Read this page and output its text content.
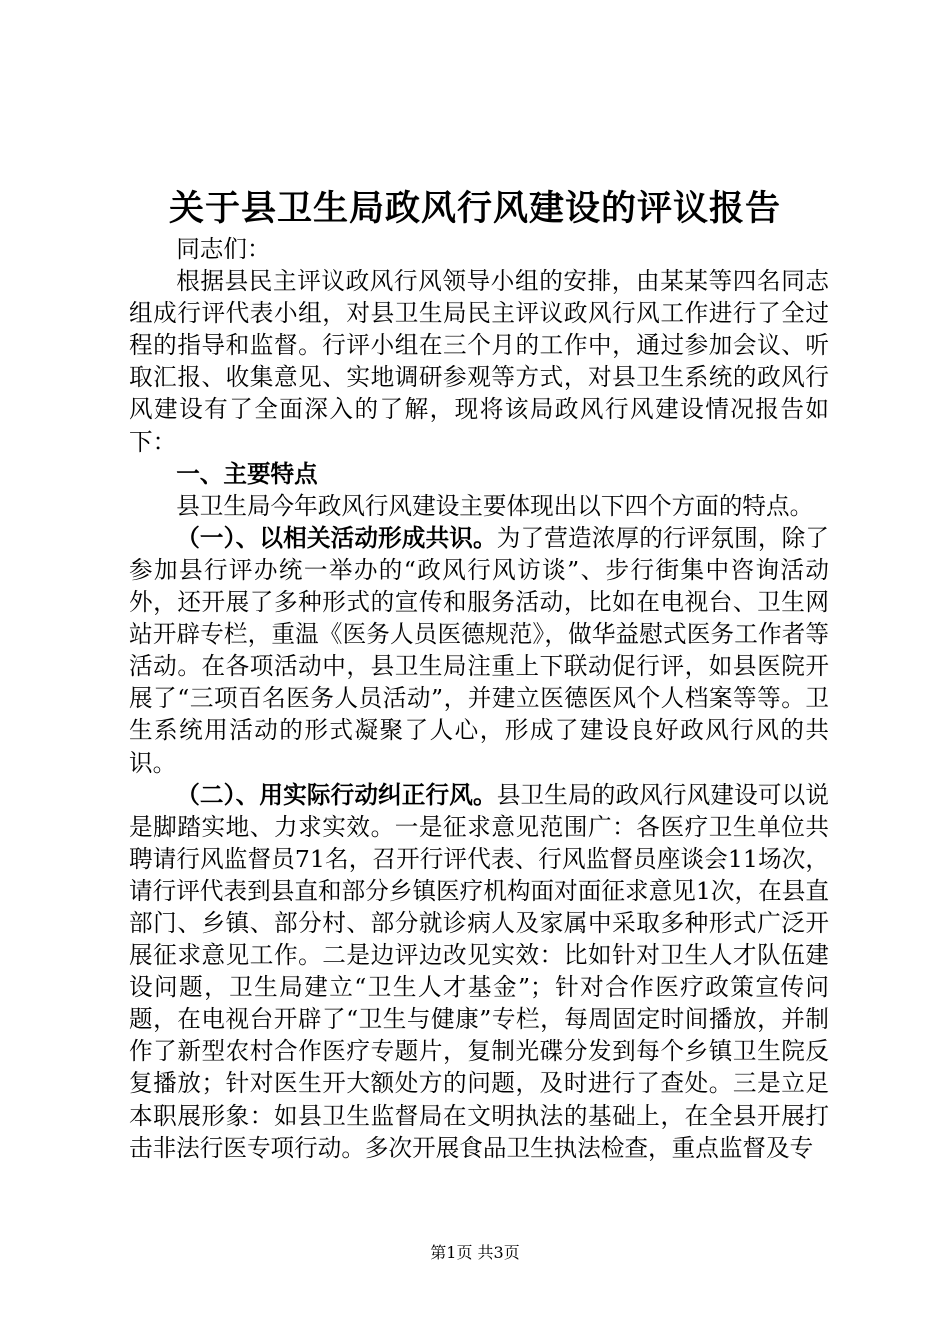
关于县卫生局政风行风建设的评议报告

同志们：

根据县民主评议政风行风领导小组的安排，由某某等四名同志组成行评代表小组，对县卫生局民主评议政风行风工作进行了全过程的指导和监督。行评小组在三个月的工作中，通过参加会议、听取汇报、收集意见、实地调研参观等方式，对县卫生系统的政风行风建设有了全面深入的了解，现将该局政风行风建设情况报告如下：

一、主要特点

县卫生局今年政风行风建设主要体现出以下四个方面的特点。

（一）、以相关活动形成共识。为了营造浓厚的行评氛围，除了参加县行评办统一举办的“政风行风访谈”、步行街集中咨询活动外，还开展了多种形式的宣传和服务活动，比如在电视台、卫生网站开辟专栏，重温《医务人员医德规范》，做华益慰式医务工作者等活动。在各项活动中，县卫生局注重上下联动促行评，如县医院开展了“三项百名医务人员活动”，并建立医德医风个人档案等等。卫生系统用活动的形式凝聚了人心，形成了建设良好政风行风的共识。

（二）、用实际行动纠正行风。县卫生局的政风行风建设可以说是脚踏实地、力求实效。一是征求意见范围广：各医疗卫生单位共聘请行风监督员71名，召开行评代表、行风监督员座谈会11场次，请行评代表到县直和部分乡镇医疗机构面对面征求意见1次，在县直部门、乡镇、部分村、部分就诊病人及家属中采取多种形式广泛开展征求意见工作。二是边评边改见实效：比如针对卫生人才队伍建设问题，卫生局建立“卫生人才基金”；针对合作医疗政策宣传问题，在电视台开辟了“卫生与健康”专栏，每周固定时间播放，并制作了新型农村合作医疗专题片，复制光碟分发到每个乡镇卫生院反复播放；针对医生开大额处方的问题，及时进行了查处。三是立足本职展形象：如县卫生监督局在文明执法的基础上，在全县开展打击非法行医专项行动。多次开展食品卫生执法检查，重点监督及专

第1页 共3页
